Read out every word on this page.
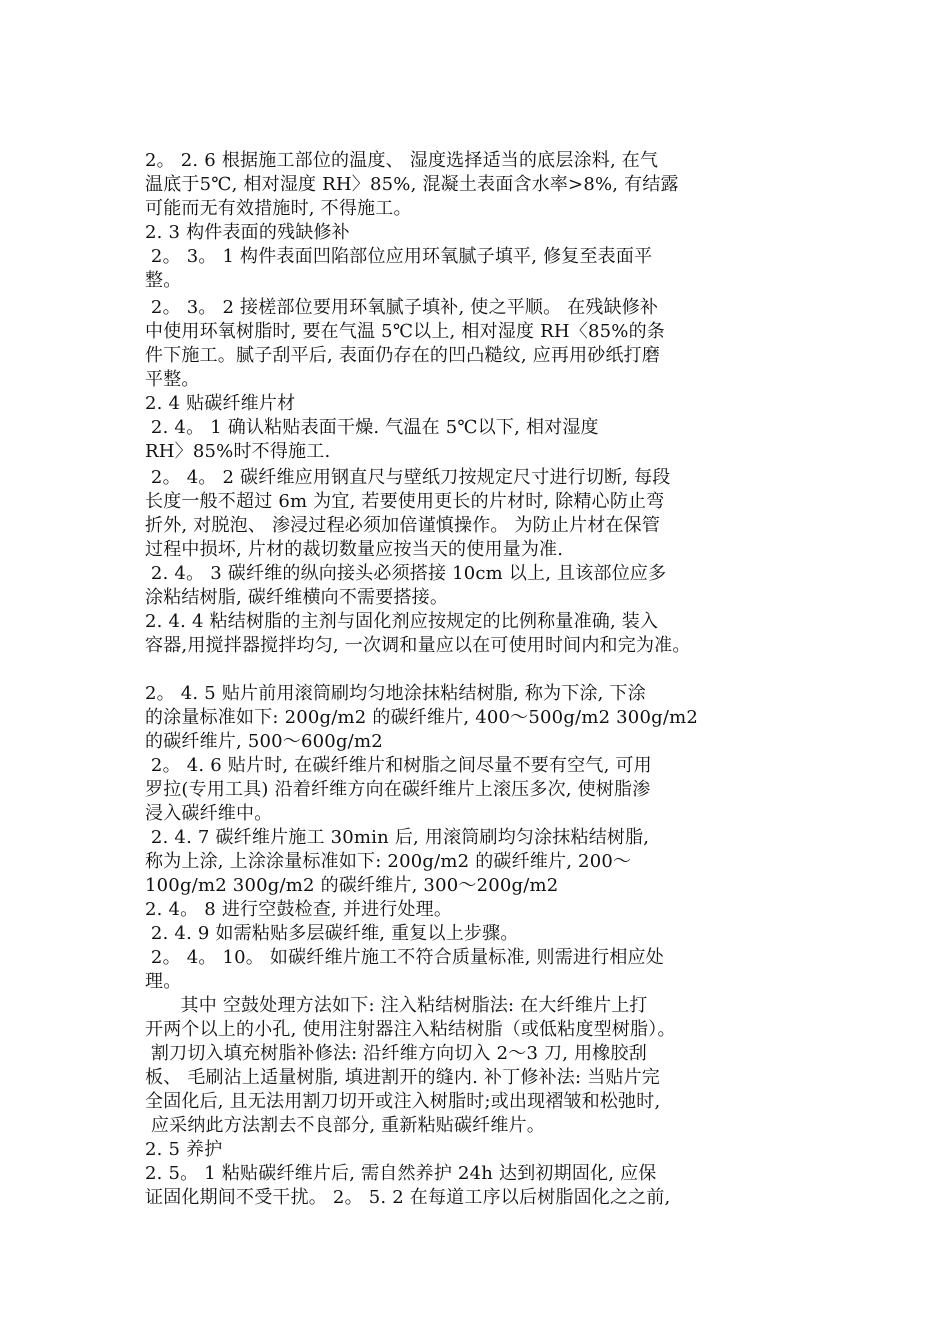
2。 2. 6 根据施工部位的温度、 湿度选择适当的底层涂料, 在气
温底于5℃, 相对湿度 RH〉85%, 混凝土表面含水率>8%, 有结露
可能而无有效措施时, 不得施工。
2. 3 构件表面的残缺修补
2。 3。 1 构件表面凹陷部位应用环氧腻子填平, 修复至表面平
整。
2。 3。 2 接槎部位要用环氧腻子填补, 使之平顺。 在残缺修补
中使用环氧树脂时, 要在气温 5℃以上, 相对湿度 RH〈85%的条
件下施工。腻子刮平后, 表面仍存在的凹凸糙纹, 应再用砂纸打磨
平整。
2. 4 贴碳纤维片材
2. 4。 1 确认粘贴表面干燥. 气温在 5℃以下, 相对湿度
RH〉85%时不得施工.
2。 4。 2 碳纤维应用钢直尺与壁纸刀按规定尺寸进行切断, 每段
长度一般不超过 6m 为宜, 若要使用更长的片材时, 除精心防止弯
折外, 对脱泡、 渗浸过程必须加倍谨慎操作。 为防止片材在保管
过程中损坏, 片材的裁切数量应按当天的使用量为准.
2. 4。 3 碳纤维的纵向接头必须搭接 10cm 以上, 且该部位应多
涂粘结树脂, 碳纤维横向不需要搭接。
2. 4. 4 粘结树脂的主剂与固化剂应按规定的比例称量准确, 装入
容器,用搅拌器搅拌均匀, 一次调和量应以在可使用时间内和完为准。
2。 4. 5 贴片前用滚筒刷均匀地涂抹粘结树脂, 称为下涂, 下涂
的涂量标准如下: 200g/m2 的碳纤维片, 400～500g/m2 300g/m2
的碳纤维片, 500～600g/m2
2。 4. 6 贴片时, 在碳纤维片和树脂之间尽量不要有空气, 可用
罗拉(专用工具) 沿着纤维方向在碳纤维片上滚压多次, 使树脂渗
浸入碳纤维中。
2. 4. 7 碳纤维片施工 30min 后, 用滚筒刷均匀涂抹粘结树脂,
称为上涂, 上涂涂量标准如下: 200g/m2 的碳纤维片, 200～
100g/m2 300g/m2 的碳纤维片, 300～200g/m2
2. 4。 8 进行空鼓检查, 并进行处理。
2. 4. 9 如需粘贴多层碳纤维, 重复以上步骤。
2。 4。 10。 如碳纤维片施工不符合质量标准, 则需进行相应处
理。
其中 空鼓处理方法如下: 注入粘结树脂法: 在大纤维片上打
开两个以上的小孔, 使用注射器注入粘结树脂（或低粘度型树脂）。
割刀切入填充树脂补修法: 沿纤维方向切入 2～3 刀, 用橡胶刮
板、 毛刷沾上适量树脂, 填进割开的缝内. 补丁修补法: 当贴片完
全固化后, 且无法用割刀切开或注入树脂时;或出现褶皱和松弛时,
应采纳此方法割去不良部分, 重新粘贴碳纤维片。
2. 5 养护
2. 5。 1 粘贴碳纤维片后, 需自然养护 24h 达到初期固化, 应保
证固化期间不受干扰。 2。 5. 2 在每道工序以后树脂固化之之前,
